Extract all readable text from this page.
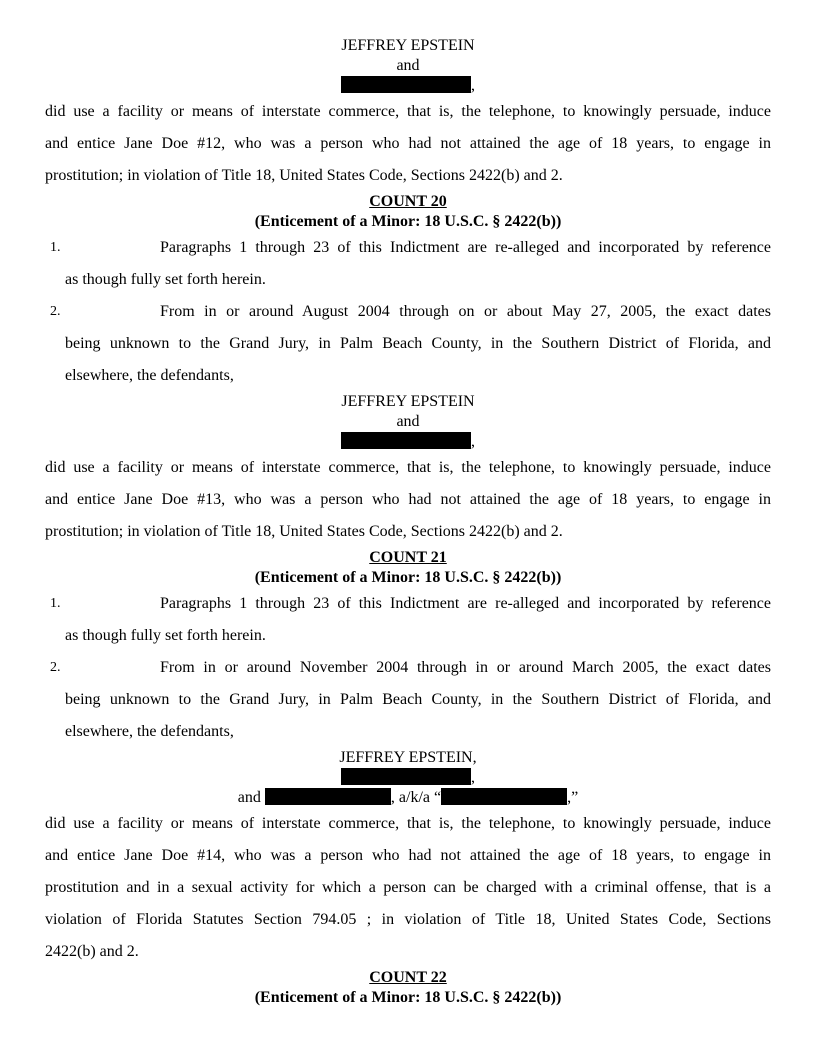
JEFFREY EPSTEIN
and
,
did use a facility or means of interstate commerce, that is, the telephone, to knowingly persuade, induce
and entice Jane Doe #12, who was a person who had not attained the age of 18 years, to engage in
prostitution; in violation of Title 18, United States Code, Sections 2422(b) and 2.
COUNT 20
(Enticement of a Minor: 18 U.S.C. § 2422(b))
1.	Paragraphs 1 through 23 of this Indictment are re-alleged and incorporated by reference
as though fully set forth herein.
2.	From in or around August 2004 through on or about May 27, 2005, the exact dates
being unknown to the Grand Jury, in Palm Beach County, in the Southern District of Florida, and
elsewhere, the defendants,
JEFFREY EPSTEIN
and
,
did use a facility or means of interstate commerce, that is, the telephone, to knowingly persuade, induce
and entice Jane Doe #13, who was a person who had not attained the age of 18 years, to engage in
prostitution; in violation of Title 18, United States Code, Sections 2422(b) and 2.
COUNT 21
(Enticement of a Minor: 18 U.S.C. § 2422(b))
1.	Paragraphs 1 through 23 of this Indictment are re-alleged and incorporated by reference
as though fully set forth herein.
2.	From in or around November 2004 through in or around March 2005, the exact dates
being unknown to the Grand Jury, in Palm Beach County, in the Southern District of Florida, and
elsewhere, the defendants,
JEFFREY EPSTEIN,
,
and	, a/k/a “	,”
did use a facility or means of interstate commerce, that is, the telephone, to knowingly persuade, induce
and entice Jane Doe #14, who was a person who had not attained the age of 18 years, to engage in
prostitution and in a sexual activity for which a person can be charged with a criminal offense, that is a
violation of Florida Statutes Section 794.05 ; in violation of Title 18, United States Code, Sections
2422(b) and 2.
COUNT 22
(Enticement of a Minor: 18 U.S.C. § 2422(b))
